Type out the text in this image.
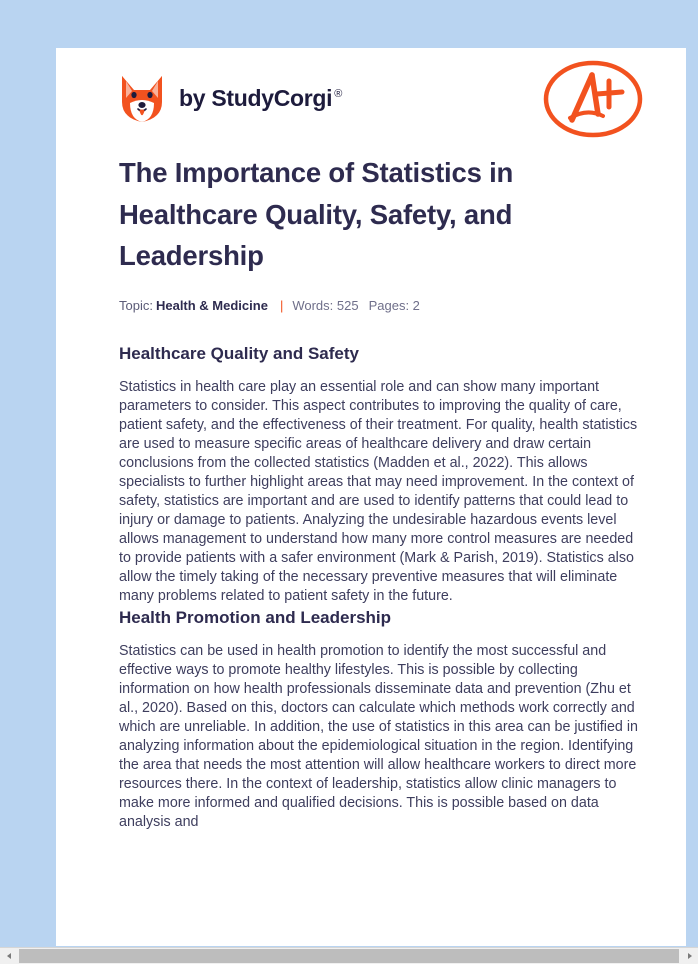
by StudyCorgi ®
The Importance of Statistics in Healthcare Quality, Safety, and Leadership
Topic: Health & Medicine | Words: 525 Pages: 2
Healthcare Quality and Safety

Statistics in health care play an essential role and can show many important parameters to consider. This aspect contributes to improving the quality of care, patient safety, and the effectiveness of their treatment. For quality, health statistics are used to measure specific areas of healthcare delivery and draw certain conclusions from the collected statistics (Madden et al., 2022). This allows specialists to further highlight areas that may need improvement. In the context of safety, statistics are important and are used to identify patterns that could lead to injury or damage to patients. Analyzing the undesirable hazardous events level allows management to understand how many more control measures are needed to provide patients with a safer environment (Mark & Parish, 2019). Statistics also allow the timely taking of the necessary preventive measures that will eliminate many problems related to patient safety in the future.

Health Promotion and Leadership

Statistics can be used in health promotion to identify the most successful and effective ways to promote healthy lifestyles. This is possible by collecting information on how health professionals disseminate data and prevention (Zhu et al., 2020). Based on this, doctors can calculate which methods work correctly and which are unreliable. In addition, the use of statistics in this area can be justified in analyzing information about the epidemiological situation in the region. Identifying the area that needs the most attention will allow healthcare workers to direct more resources there. In the context of leadership, statistics allow clinic managers to make more informed and qualified decisions. This is possible based on data analysis and
